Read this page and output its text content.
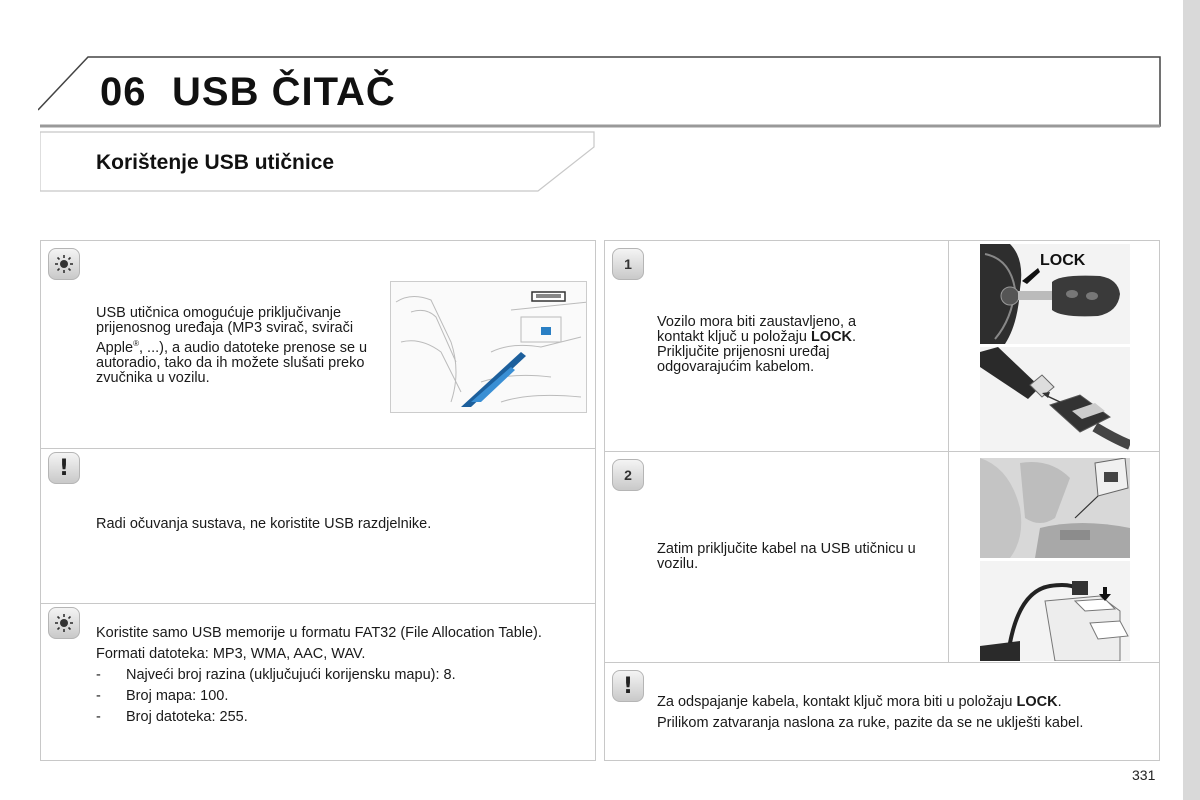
06 USB ČITAČ
Korištenje USB utičnice
USB utičnica omogućuje priključivanje prijenosnog uređaja (MP3 svirač, svirači Apple®, ...), a audio datoteke prenose se u autoradio, tako da ih možete slušati preko zvučnika u vozilu.
!
Radi očuvanja sustava, ne koristite USB razdjelnike.

Koristite samo USB memorije u formatu FAT32 (File Allocation Table).

Formati datoteka: MP3, WMA, AAC, WAV.

-	Najveći broj razina (uključujući korijensku mapu): 8.
-	Broj mapa: 100.
-	Broj datoteka: 255.
1
Vozilo mora biti zaustavljeno, a kontakt ključ u položaju LOCK.
Priključite prijenosni uređaj odgovarajućim kabelom.
LOCK
2
Zatim priključite kabel na USB utičnicu u vozilu.
!

Za odspajanje kabela, kontakt ključ mora biti u položaju LOCK.

Prilikom zatvaranja naslona za ruke, pazite da se ne uklješti kabel.

331
